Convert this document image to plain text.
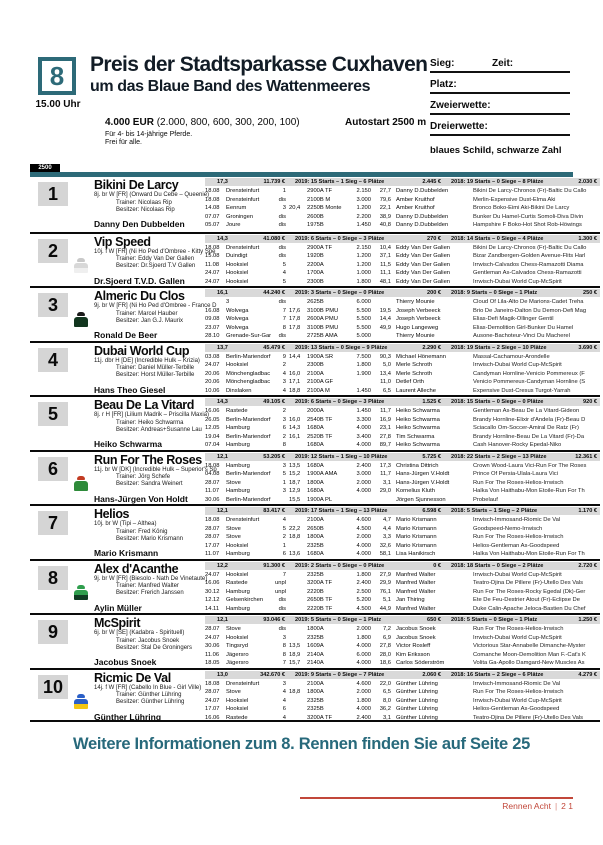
8
15.00 Uhr
Preis der Stadtsparkasse Cuxhaven
um das Blaue Band des Wattenmeeres
Sieg:	Zeit:
Platz:
Zweierwette:
Dreierwette:
blaues Schild, schwarze Zahl
4.000 EUR (2.000, 800, 600, 300, 200, 100)	Autostart 2500 m
Für 4- bis 14-jährige Pferde.
Frei für alle.
2500
1	Bikini De Larcy
8j. br W [FR] (Onward Du Cebe – Queenie)
Trainer: Nicolaas Rip
Besitzer: Nicolaas Rip
Danny Den Dubbelden
17,3	11.739 €	2019: 15 Starts – 1 Sieg – 6 Plätze	2.445 €	2018: 19 Starts – 0 Siege – 8 Plätze	2.030 €
18.08	Drensteinfurt	1	2900A TF	2.150	27,7 Danny D.Dubbelden	Bikini De Larcy-Chronos (Fr)-Baltic Du Callo
18.08	Drensteinfurt	dis	2100B M	3.000	79,6 Amber Kruithof	Merlin-Expensive Dust-Elma Aki
14.08	Eenrum	3 20,4	2250B Monte	1.200	22,1 Amber Kruithof	Bronco Boko-Eimi Aki-Bikini De Larcy
07.07	Groningen	dis	2600B	2.200	38,9 Danny D.Dubbelden	Bunker Du Hamel-Curtis Somoli-Diva Divin
05.07	Joure	dis	1975B	1.450	40,8 Danny D.Dubbelden	Hampshire F Boko-Hot Shot Rob-Höwings
2	Vip Speed
10j. f W [FR] (Ni Ho Ped d'Ombree - Kitty Spe
Trainer: Eddy Van Der Gallen
Besitzer: Dr.Sjoerd T.V Gallen
Dr.Sjoerd T.V.D. Gallen
14,3	41.080 €	2019: 6 Starts – 0 Siege – 3 Plätze	270 €	2018: 14 Starts – 0 Siege – 4 Plätze	1.300 €
18.08	Drensteinfurt	dis	2900A TF	2.150	10,4 Eddy Van Der Galien	Bikini De Larcy-Chronos (Fr)-Baltic Du Callo
15.08	Duindigt	dis	1920B	1.200	37,1 Eddy Van Der Galien	Bizar Zandbergen-Golden Avenue-Flits Harl
11.08	Hooksiel	5	2200A	1.200	11,5 Eddy Van Der Galien	Irrwisch-Calvados Chess-Ramazotti Diama
24.07	Hooksiel	4	1700A	1.000	11,1 Eddy Van Der Galien	Gentleman As-Calvados Chess-Ramazotti
24.07	Hooksiel	5	2300B	1.800	48,1 Eddy Van Der Galien	Irrwisch-Dubai World Cup-McSpirit
3	Almeric Du Clos
9j. br W [FR] (Ni Ho Ped d'Ombree - France D
Trainer: Marcel Hauber
Besitzer: Jan G.J. Maurix
Ronald De Beer
16,1	44.240 €	2019: 3 Starts – 0 Siege – 0 Plätze	200 €	2018: 9 Starts – 0 Siege – 1 Platz	250 €
3	dis	2625B	6.000	Thierry Mounie	Cloud Of Lila-Alto De Marions-Cadet Treha
16.08	Wolvega	7 17,6	3100B PMU	5.500	19,5 Joseph Verbeeck	Brio De Janeiro-Dalton Du Demon-Defi Mag
09.08	Wolvega	7 17,8	2600A PMU	5.500	14,4 Joseph Verbeeck	Elias-Defi Magik-Ollinger Gentil
23.07	Wolvega	8 17,8	3100B PMU	5.500	49,9 Hugo Langeweg	Elias-Demolition Girl-Bunker Du Hamel
28.10	Grenade-Sur-Gar	dis	2725B AMA	5.000	Thierry Mounie	Ausone-Bachoteur-Vinci Du Macherel
4	Dubai World Cup
11j. dbr H [DE] (Incredible Hulk – Krizia)
Trainer: Daniel Müller-Terbille
Besitzer: Horst Müller-Terbille
Hans Theo Giesel
13,7	45.479 €	2019: 13 Starts – 0 Siege – 9 Plätze	2.290 €	2018: 19 Starts – 2 Siege – 10 Plätze	3.690 €
03.08	Berlin-Mariendorf	9 14,4	1900A SR	7.500	90,3 Michael Hönemann	Massal-Cachamour-Arondelle
24.07	Hooksiel	2	2300B	1.800	5,0 Merle Schroth	Irrwisch-Dubai World Cup-McSpirit
20.06	Mönchengladbac	4 16,0	2100A	1.900	13,4 Merle Schroth	Candyman Hornline-Venicio Pommereux (F
20.06	Mönchengladbac	3 17,1	2100A GF	11,0 Detlef Orth	Venicio Pommereux-Candyman Hornline (S
10.06	Dinslaken	4 18,8	2100A M	1.450	6,5 Laurent Alleche	Expensive Dust-Cresus Turgot-Yarrah
5	Beau De La Vitard
8j. r H [FR] (Lilium Madrik – Priscilla Maxia)
Trainer: Heiko Schwarma
Besitzer: Andreas+Susanne Lau
Heiko Schwarma
14,3	49.105 €	2019: 6 Starts – 0 Siege – 3 Plätze	1.525 €	2018: 15 Starts – 0 Siege – 0 Plätze	920 €
16.06	Rastede	2	2000A	1.450	11,7 Heiko Schwarma	Gentleman As-Beau De La Vitard-Gideon
26.05	Berlin-Mariendorf	3 16,0	2540B TF	3.300	16,9 Heiko Schwarma	Brandy Hornline-Elixir d'Andela (Fr)-Beau D
12.05	Hamburg	6 14,3	1680A	4.000	23,1 Heiko Schwarma	Sciacallo Om-Soccer-Amiral De Ratz (Fr)
19.04	Berlin-Mariendorf	2 16,1	2520B TF	3.400	27,8 Tim Schwarma	Brandy Hornline-Beau De La Vitard (Fr)-Da
07.04	Hamburg	8	1680A	4.000	89,7 Heiko Schwarma	Cash Hanover-Rocky Epedal-Niko
6	Run For The Roses
11j. br W [DK] (Incredible Hulk – Superior's Sp
Trainer: Jörg Schefe
Besitzer: Sandra Weinert
Hans-Jürgen Von Holdt
12,1	53.205 €	2019: 12 Starts – 1 Sieg – 10 Plätze	5.725 €	2018: 22 Starts – 2 Siege – 13 Plätze	12.361 €
18.08	Hamburg	3 13,5	1680A	2.400	17,3 Christina Dittrich	Crown Wood-Laura Vici-Run For The Roses
04.08	Berlin-Mariendorf	5 15,2	1900A AMA	3.000	11,7 Hans-Jürgen V.Holdt	Prince Of Persia-Ulala-Laura Vici
28.07	Stove	1 18,7	1800A	2.000	3,1 Hans-Jürgen V.Holdt	Run For The Roses-Helios-Irrwisch
11.07	Hamburg	3 12,9	1680A	4.000	29,0 Kornelius Kluth	Halka Von Haithabu-Mon Etoile-Run For Th
30.06	Berlin-Mariendorf	15,5	1900A PL	Jörgen Sjunnesson	Probelauf
7	Helios
10j. br W (Tipi – Althea)
Trainer: Fred König
Besitzer: Mario Krismann
Mario Krismann
12,1	83.417 €	2019: 17 Starts – 1 Sieg – 13 Plätze	6.598 €	2018: 5 Starts – 1 Sieg – 2 Plätze	1.170 €
18.08	Drensteinfurt	4	2100A	4.600	4,7 Mario Krismann	Irrwisch-Immosand-Riomic De Val
28.07	Stove	5 22,2	2650B	4.500	4,4 Mario Krismann	Goodspeed-Nemo-Irrwisch
28.07	Stove	2 18,8	1800A	2.000	3,3 Mario Krismann	Run For The Roses-Helios-Irrwisch
17.07	Hooksiel	1	2325B	4.000	32,6 Mario Krismann	Helios-Gentleman As-Goodspeed
11.07	Hamburg	6 13,6	1680A	4.000	58,1 Lisa Hanikirsch	Halka Von Haithabu-Mon Etoile-Run For Th
8	Alex d'Acanthe
9j. br W [FR] (Biesolo - Nath De Vinetaute)
Trainer: Manfred Walter
Besitzer: Frerich Janssen
Aylin Müller
12,2	91.300 €	2019: 2 Starts – 0 Siege – 0 Plätze	0 €	2018: 18 Starts – 0 Siege – 2 Plätze	2.720 €
24.07	Hooksiel	7	2325B	1.800	27,9 Manfred Walter	Irrwisch-Dubai World Cup-McSpirit
16.06	Rastede	unpl	3200A TF	2.400	29,9 Manfred Walter	Teatro-Djina De Pillere (Fr)-Utello Des Vals
30.12	Hamburg	unpl	2220B	2.500	76,1 Manfred Walter	Run For The Roses-Rocky Egedal (Dk)-Ger
12.12	Gelsenkirchen	dis	2650B TF	5.200	5,1 Jan Thiring	Ete De Feu-Destrier Atout (Fr)-Eclipse De
14.11	Hamburg	dis	2220B TF	4.500	44,9 Manfred Walter	Duke Calin-Apache Jeloca-Bastien Du Chef
9	McSpirit
6j. br W [SE] (Kadabra - Spirituell)
Trainer: Jacobus Snoek
Besitzer: Stal De Groningers
Jacobus Snoek
12,1	93.046 €	2019: 5 Starts – 0 Siege – 1 Platz	650 €	2018: 5 Starts – 0 Siege – 1 Platz	1.250 €
28.07	Stove	dis	1800A	2.000	7,2 Jacobus Snoek	Run For The Roses-Helios-Irrwisch
24.07	Hooksiel	3	2325B	1.800	6,9 Jacobus Snoek	Irrwisch-Dubai World Cup-McSpirit
30.06	Tingsryd	8 13,5	1609A	4.000	27,8 Victor Rosleff	Victorious Star-Annabelle Dimanche-Myster
11.06	Jägersro	8 18,9	2140A	6.000	28,0 Kim Eriksson	Comanche Moon-Demolition Man F.-Cat's K
18.05	Jägersro	7 15,7	2140A	4.000	18,6 Carlos Söderström	Volita Ga-Apollo Damgard-New Muscles As
10	Ricmic De Val
14j. f W [FR] (Cabello In Blue - Girl Ville)
Trainer: Günther Lühring
Besitzer: Günther Lühring
Günther Lühring
13,0	342.670 €	2019: 9 Starts – 0 Siege – 7 Plätze	2.060 €	2018: 16 Starts – 2 Siege – 6 Plätze	4.279 €
18.08	Drensteinfurt	3	2100A	4.600	22,0 Günther Lühring	Irrwisch-Immosand-Riomic De Val
28.07	Stove	4 18,8	1800A	2.000	6,5 Günther Lühring	Run For The Roses-Helios-Irrwisch
24.07	Hooksiel	4	2325B	1.800	8,0 Günther Lühring	Irrwisch-Dubai World Cup-McSpirit
17.07	Hooksiel	6	2325B	4.000	36,2 Günther Lühring	Helios-Gentleman As-Goodspeed
16.06	Rastede	4	3200A TF	2.400	3,1 Günther Lühring	Teatro-Djina De Pillere (Fr)-Utello Des Vals
Weitere Informationen zum 8. Rennen finden Sie auf Seite 25
Rennen Acht | 2 1
